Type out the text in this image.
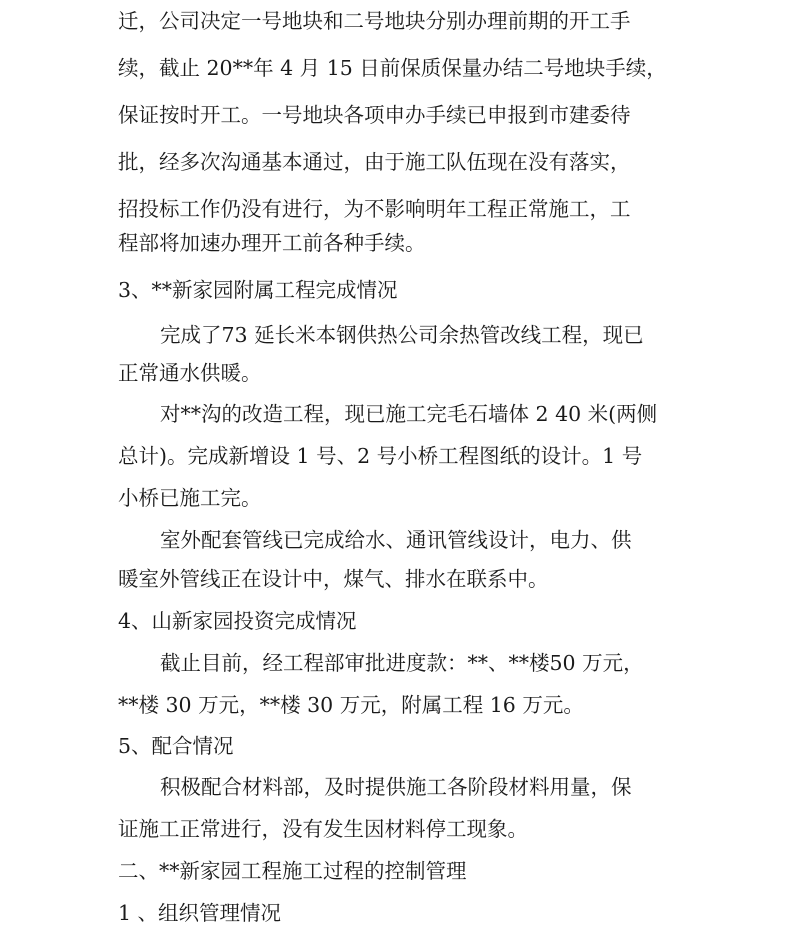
迁，公司决定一号地块和二号地块分别办理前期的开工手
续，截止 20**年 4 月 15 日前保质保量办结二号地块手续，
保证按时开工。一号地块各项申办手续已申报到市建委待
批，经多次沟通基本通过，由于施工队伍现在没有落实，
招投标工作仍没有进行，为不影响明年工程正常施工，工
程部将加速办理开工前各种手续。
3、**新家园附属工程完成情况
完成了73 延长米本钢供热公司余热管改线工程，现已
正常通水供暖。
对**沟的改造工程，现已施工完毛石墙体 2 40 米(两侧
总计)。完成新增设 1 号、2 号小桥工程图纸的设计。1 号
小桥已施工完。
室外配套管线已完成给水、通讯管线设计，电力、供
暖室外管线正在设计中，煤气、排水在联系中。
4、山新家园投资完成情况
截止目前，经工程部审批进度款：**、**楼50 万元，
**楼 30 万元，**楼 30 万元，附属工程 16 万元。
5、配合情况
积极配合材料部，及时提供施工各阶段材料用量，保
证施工正常进行，没有发生因材料停工现象。
二、**新家园工程施工过程的控制管理
1 、组织管理情况
